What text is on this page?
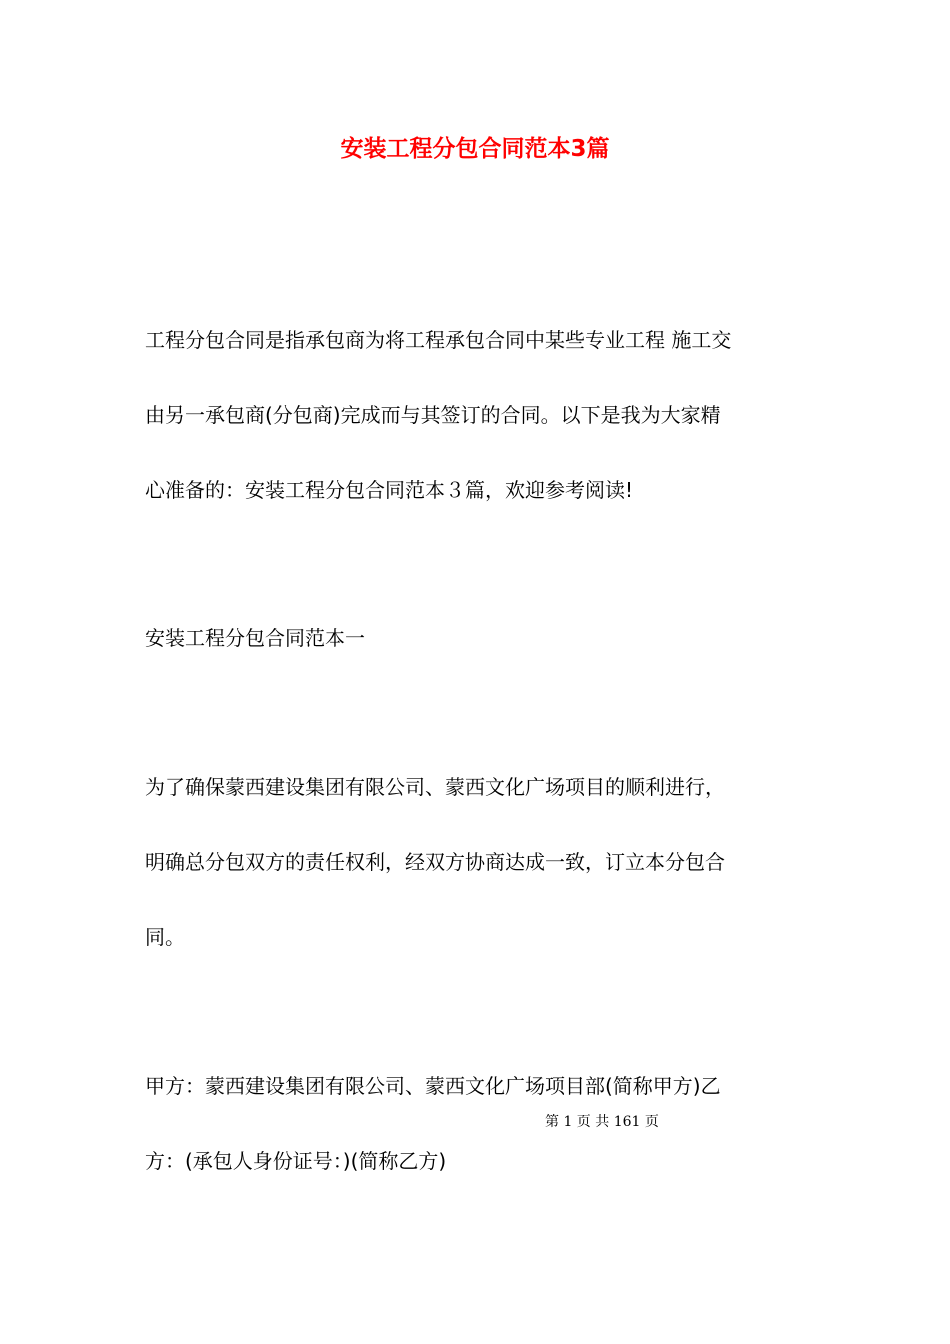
安装工程分包合同范本3篇
工程分包合同是指承包商为将工程承包合同中某些专业工程 施工交
由另一承包商(分包商)完成而与其签订的合同。以下是我为大家精
心准备的：安装工程分包合同范本３篇，欢迎参考阅读!
安装工程分包合同范本一
为了确保蒙西建设集团有限公司、蒙西文化广场项目的顺利进行，
明确总分包双方的责任权利，经双方协商达成一致，订立本分包合
同。
甲方：蒙西建设集团有限公司、蒙西文化广场项目部(简称甲方)乙
第 1 页 共 161 页
方：(承包人身份证号：)(简称乙方)
